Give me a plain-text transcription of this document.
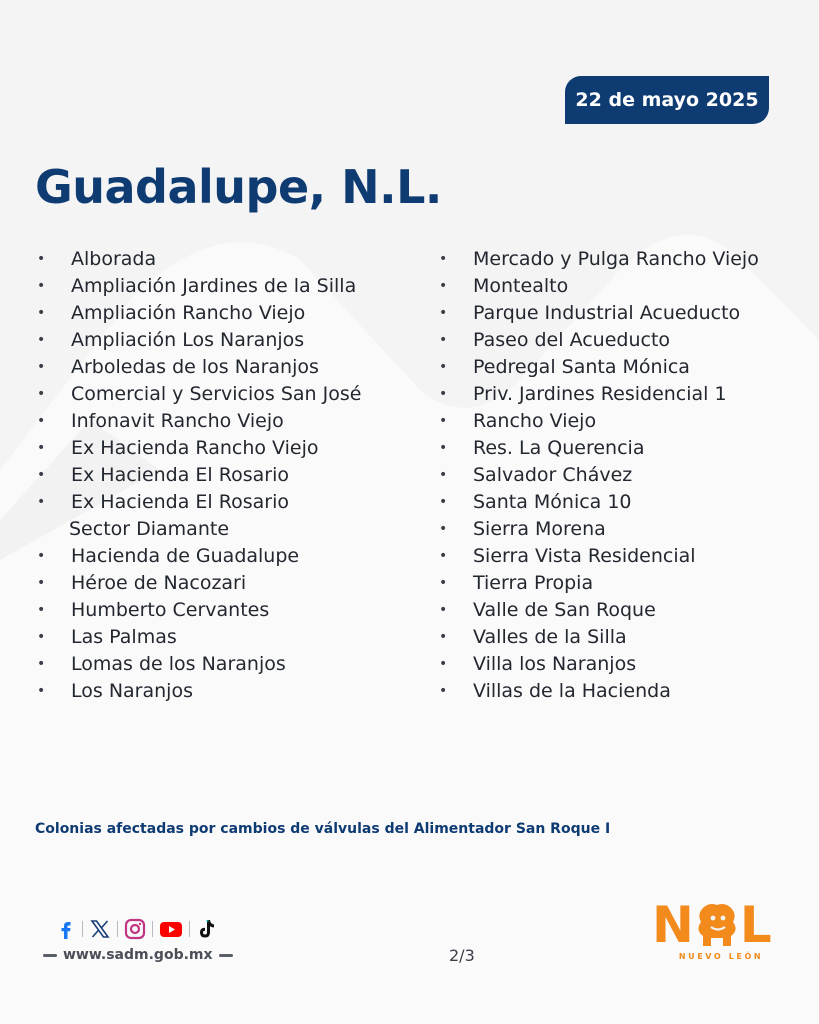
22 de mayo 2025
Guadalupe, N.L.
• Alborada
• Ampliación Jardines de la Silla
• Ampliación Rancho Viejo
• Ampliación Los Naranjos
• Arboledas de los Naranjos
• Comercial y Servicios San José
• Infonavit Rancho Viejo
• Ex Hacienda Rancho Viejo
• Ex Hacienda El Rosario
• Ex Hacienda El Rosario
Sector Diamante
• Hacienda de Guadalupe
• Héroe de Nacozari
• Humberto Cervantes
• Las Palmas
• Lomas de los Naranjos
• Los Naranjos
• Mercado y Pulga Rancho Viejo
• Montealto
• Parque Industrial Acueducto
• Paseo del Acueducto
• Pedregal Santa Mónica
• Priv. Jardines Residencial 1
• Rancho Viejo
• Res. La Querencia
• Salvador Chávez
• Santa Mónica 10
• Sierra Morena
• Sierra Vista Residencial
• Tierra Propia
• Valle de San Roque
• Valles de la Silla
• Villa los Naranjos
• Villas de la Hacienda

Colonias afectadas por cambios de válvulas del Alimentador San Roque I

www.sadm.gob.mx	2/3
N L
NUEVO LEÓN
